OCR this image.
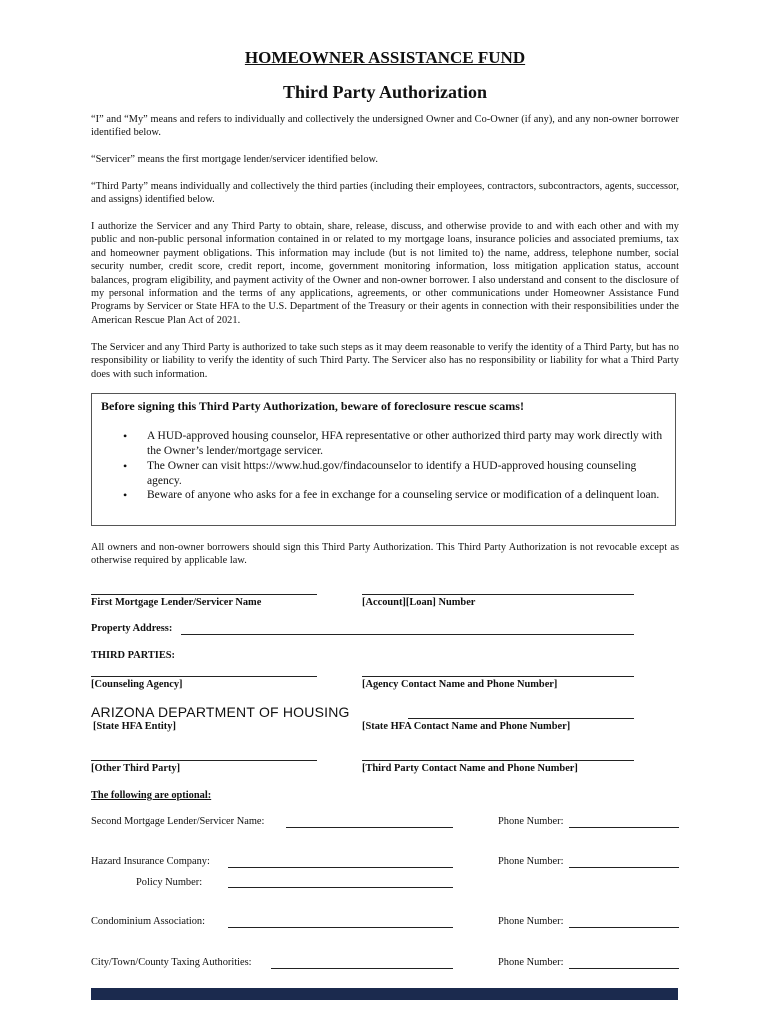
HOMEOWNER ASSISTANCE FUND
Third Party Authorization
“I” and “My” means and refers to individually and collectively the undersigned Owner and Co-Owner (if any), and any non-owner borrower identified below.
“Servicer” means the first mortgage lender/servicer identified below.
“Third Party” means individually and collectively the third parties (including their employees, contractors, subcontractors, agents, successor, and assigns) identified below.
I authorize the Servicer and any Third Party to obtain, share, release, discuss, and otherwise provide to and with each other and with my public and non-public personal information contained in or related to my mortgage loans, insurance policies and associated premiums, tax and homeowner payment obligations. This information may include (but is not limited to) the name, address, telephone number, social security number, credit score, credit report, income, government monitoring information, loss mitigation application status, account balances, program eligibility, and payment activity of the Owner and non-owner borrower. I also understand and consent to the disclosure of my personal information and the terms of any applications, agreements, or other communications under Homeowner Assistance Fund Programs by Servicer or State HFA to the U.S. Department of the Treasury or their agents in connection with their responsibilities under the American Rescue Plan Act of 2021.
The Servicer and any Third Party is authorized to take such steps as it may deem reasonable to verify the identity of a Third Party, but has no responsibility or liability to verify the identity of such Third Party. The Servicer also has no responsibility or liability for what a Third Party does with such information.
Before signing this Third Party Authorization, beware of foreclosure rescue scams!
• A HUD-approved housing counselor, HFA representative or other authorized third party may work directly with the Owner’s lender/mortgage servicer.
• The Owner can visit https://www.hud.gov/findacounselor to identify a HUD-approved housing counseling agency.
• Beware of anyone who asks for a fee in exchange for a counseling service or modification of a delinquent loan.
All owners and non-owner borrowers should sign this Third Party Authorization. This Third Party Authorization is not revocable except as otherwise required by applicable law.
First Mortgage Lender/Servicer Name	[Account][Loan] Number
Property Address:
THIRD PARTIES:
[Counseling Agency]	[Agency Contact Name and Phone Number]
ARIZONA DEPARTMENT OF HOUSING
[State HFA Entity]	[State HFA Contact Name and Phone Number]
[Other Third Party]	[Third Party Contact Name and Phone Number]
The following are optional:
Second Mortgage Lender/Servicer Name:	Phone Number:
Hazard Insurance Company:	Phone Number:
Policy Number:
Condominium Association:	Phone Number:
City/Town/County Taxing Authorities:	Phone Number:
